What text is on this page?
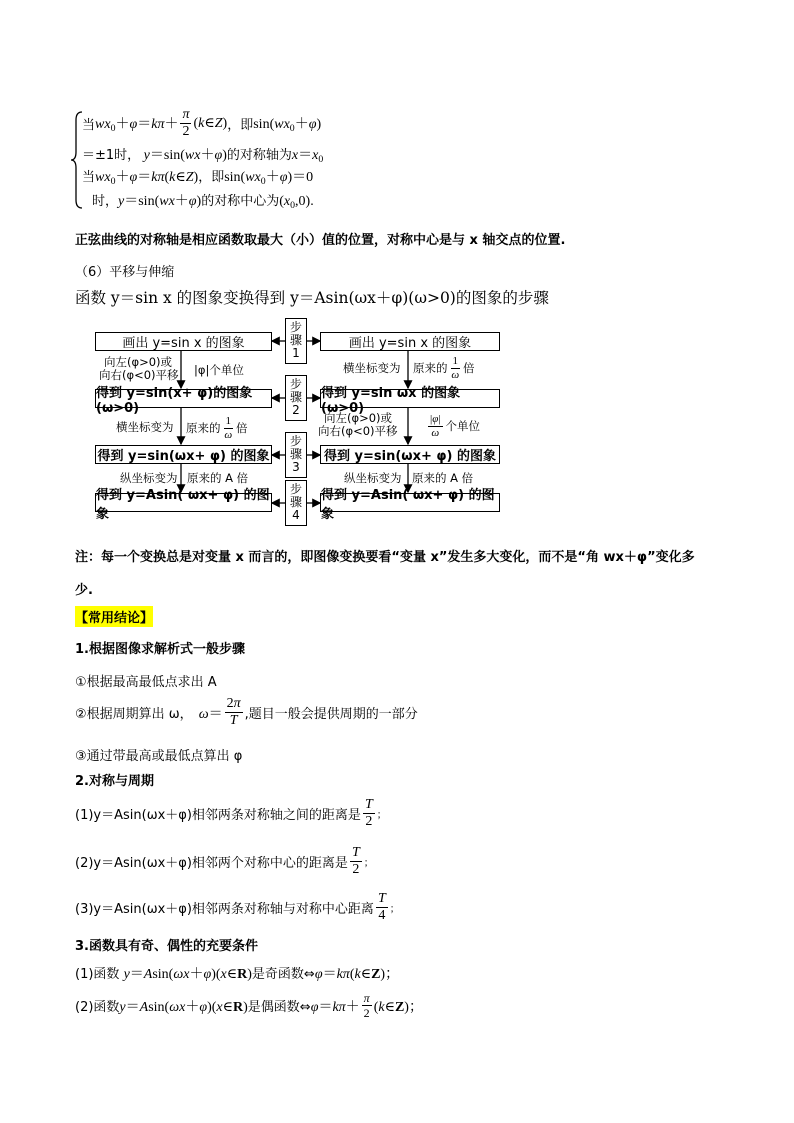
当 $wx_0+\varphi=k\pi+ \frac{\pi}{2}$ (k∈Z) ，即 $\sin(wx_0+\varphi)$
＝±1时， y＝sin(wx＋φ)的对称轴为$x=x_0$
当$wx_0+\varphi=k\pi(k\in Z)$，即$\sin(wx_0+\varphi)=0$
时，y＝sin(wx＋φ)的对称中心为$(x_0,0)$.
正弦曲线的对称轴是相应函数取最大（小）值的位置，对称中心是与 x 轴交点的位置.
（6）平移与伸缩
函数 y＝sin x 的图象变换得到 y＝Asin(ωx＋φ)(ω>0)的图象的步骤
画出 y=sin x 的图象
得到 y=sin(x+ φ)的图象(ω>0)
得到 y=sin(ωx+ φ) 的图象
得到 y=Asin( ωx+ φ) 的图象
画出 y=sin x 的图象
得到 y=sin ωx 的图象(ω>0)
得到 y=sin(ωx+ φ) 的图象
得到 y=Asin( ωx+ φ) 的图象
步骤1
步骤2
步骤3
步骤4
向左(φ>0)或
向右(φ<0)平移 |φ|个单位
横坐标变为 原来的 $\frac{1}{\omega}$ 倍
纵坐标变为 原来的 A 倍
横坐标变为 原来的 $\frac{1}{\omega}$ 倍
向左(φ>0)或
向右(φ<0)平移	$\frac{|\varphi|}{\omega}$ 个单位
纵坐标变为 原来的 A 倍
注：每一个变换总是对变量 x 而言的，即图像变换要看“变量 x”发生多大变化，而不是“角 wx＋φ”变化多
少.
【常用结论】
1.根据图像求解析式一般步骤
①根据最高最低点求出 A
②根据周期算出 ω， $\omega= \frac{2\pi}{T}$ ,题目一般会提供周期的一部分
③通过带最高或最低点算出 φ
2.对称与周期
(1)y＝Asin(ωx＋φ)相邻两条对称轴之间的距离是 $\frac{T}{2}$ ；
(2)y＝Asin(ωx＋φ)相邻两个对称中心的距离是 $\frac{T}{2}$ ；
(3)y＝Asin(ωx＋φ)相邻两条对称轴与对称中心距离 $\frac{T}{4}$ ；
3.函数具有奇、偶性的充要条件
(1)函数 y＝Asin(ωx＋φ)(x∈R)是奇函数⇔φ＝kπ(k∈Z)；
(2)函数 y＝Asin(ωx＋φ)(x∈R) 是偶函数⇔ $\varphi=k\pi+ \frac{\pi}{2}$ (k∈Z)；
